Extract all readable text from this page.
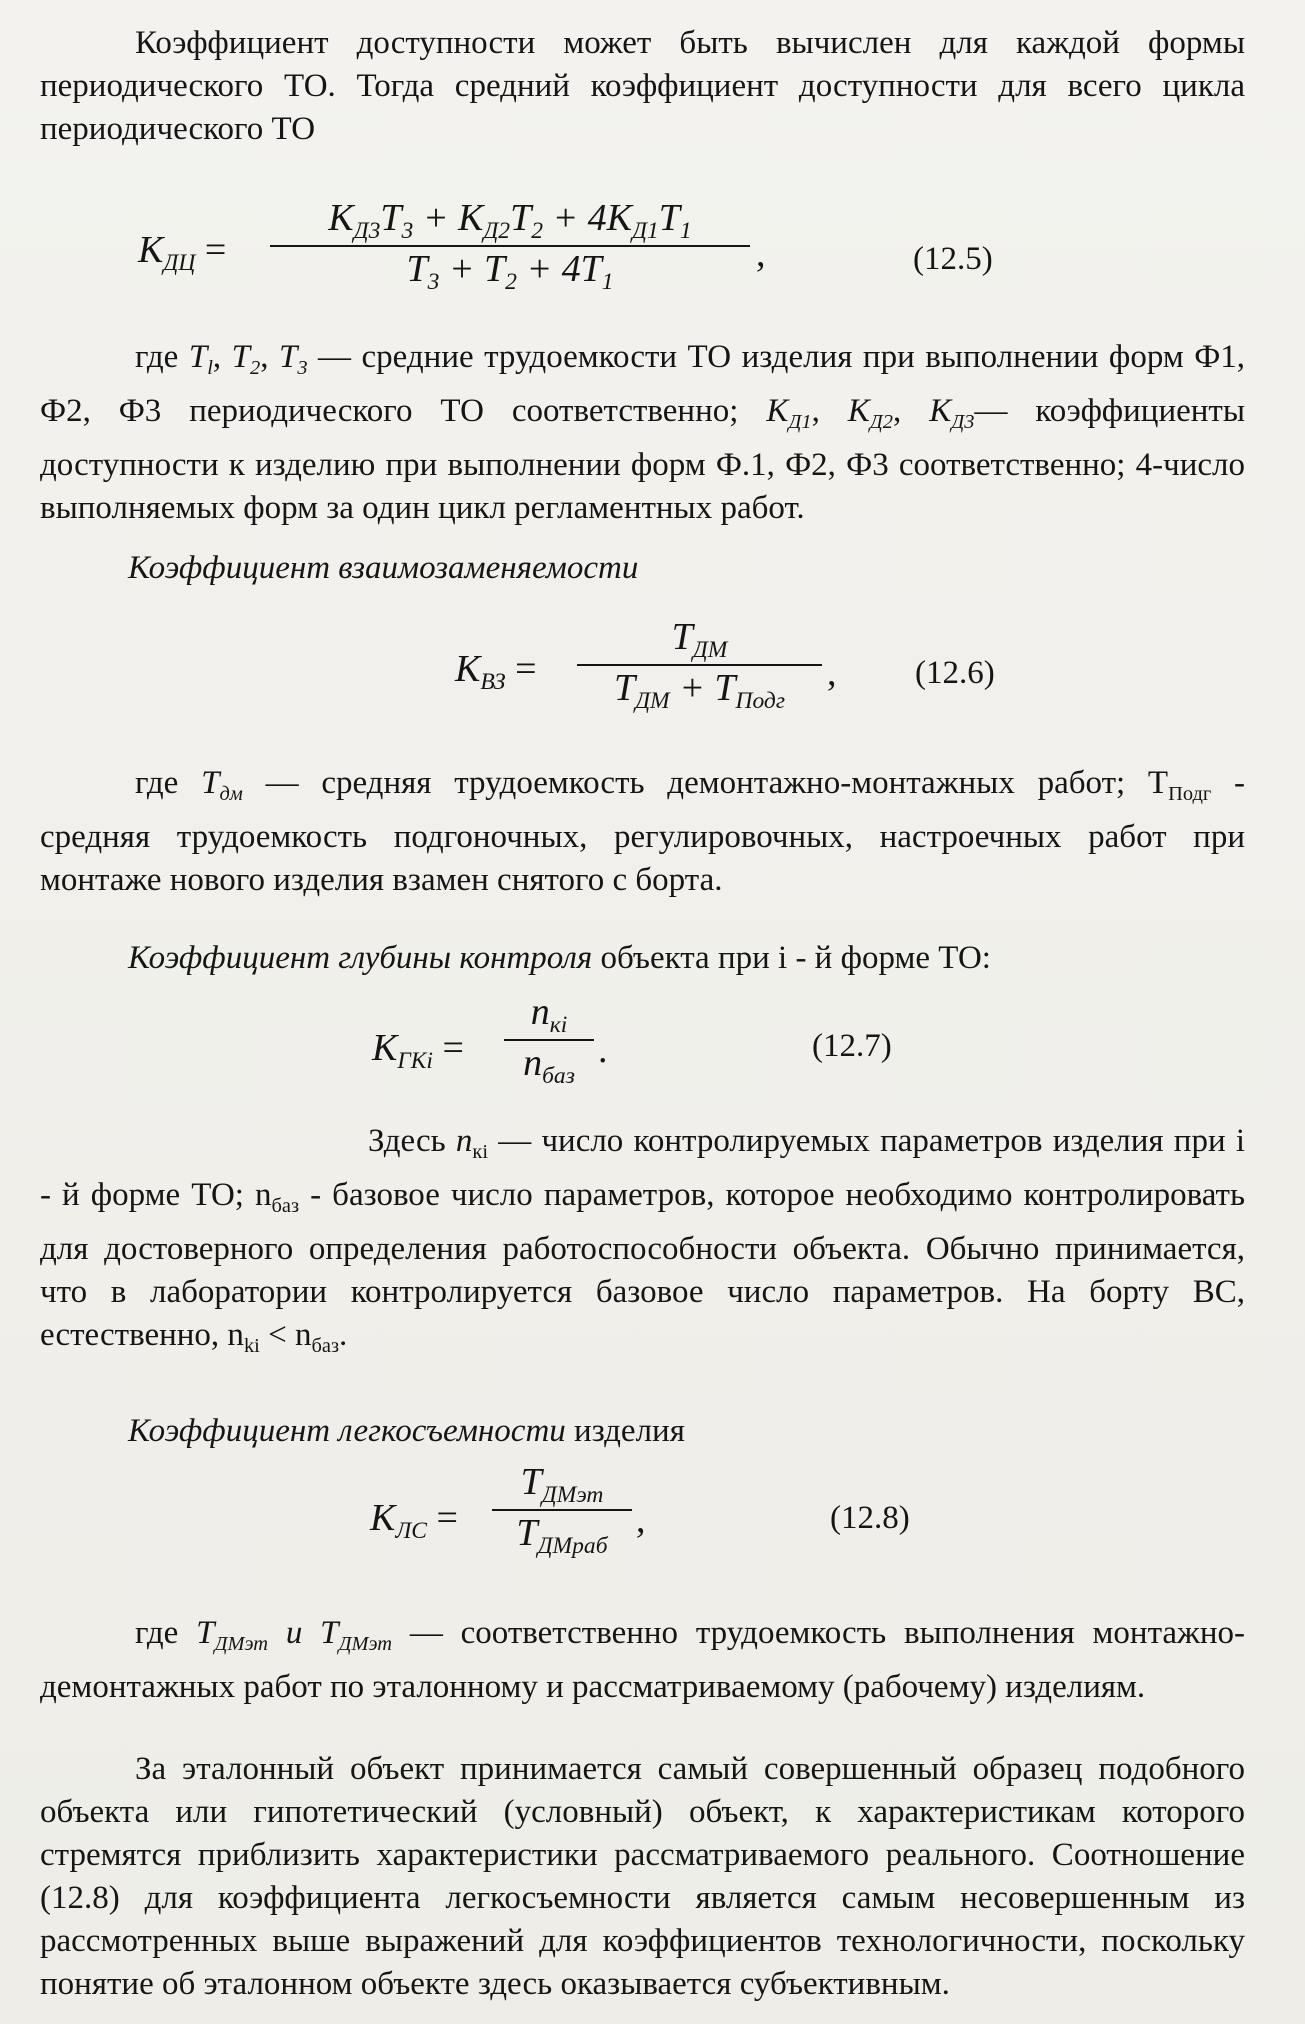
Коэффициент доступности может быть вычислен для каждой формы периодического ТО. Тогда средний коэффициент доступности для всего цикла периодического ТО

$K_{ДЦ}$ =
$K_{Д3}T_3 + K_{Д2}T_2 + 4K_{Д1}T_1$
$T_3 + T_2 + 4T_1$
,	(12.5)

где $T_l$, $T_2$, $T_3$ — средние трудоемкости ТО изделия при выполнении форм Ф1, Ф2, Ф3 периодического ТО соответственно; $K_{Д1}$, $K_{Д2}$, $K_{Д3}—$ коэффициенты доступности к изделию при выполнении форм Ф.1, Ф2, Ф3 соответственно; 4-число выполняемых форм за один цикл регламентных работ.

Коэффициент взаимозаменяемости
$K_{ВЗ}$ =
$T_{ДМ}$
$T_{ДМ} + T_{Подг}$
, (12.6)

где $T_{дм}$ — средняя трудоемкость демонтажно-монтажных работ; $Т_{Подг}$ - средняя трудоемкость подгоночных, регулировочных, настроечных работ при монтаже нового изделия взамен снятого с борта.

Коэффициент глубины контроля объекта при і - й форме ТО:
$K_{ГКі}$ =
$n_{кі}$
$n_{баз}$
.	(12.7)

Здесь $n_{кі}$ — число контролируемых параметров изделия при і - й форме ТО; $n_{баз}$ - базовое число параметров, которое необходимо контролировать для достоверного определения работоспособности объекта. Обычно принимается, что в лаборатории контролируется базовое число параметров. На борту ВС, естественно, $n_{ki} < n_{баз}$.

Коэффициент легкосъемности изделия
$K_{ЛС}$ =
$T_{ДМэт}$
$T_{ДМраб}$
,	(12.8)

где $T_{ДМэт}$ и $T_{ДМэт}$ — соответственно трудоемкость выполнения монтажно-демонтажных работ по эталонному и рассматриваемому (рабочему) изделиям.

За эталонный объект принимается самый совершенный образец подобного объекта или гипотетический (условный) объект, к характеристикам которого стремятся приблизить характеристики рассматриваемого реального. Соотношение (12.8) для коэффициента легкосъемности является самым несовершенным из рассмотренных выше выражений для коэффициентов технологичности, поскольку понятие об эталонном объекте здесь оказывается субъективным.
